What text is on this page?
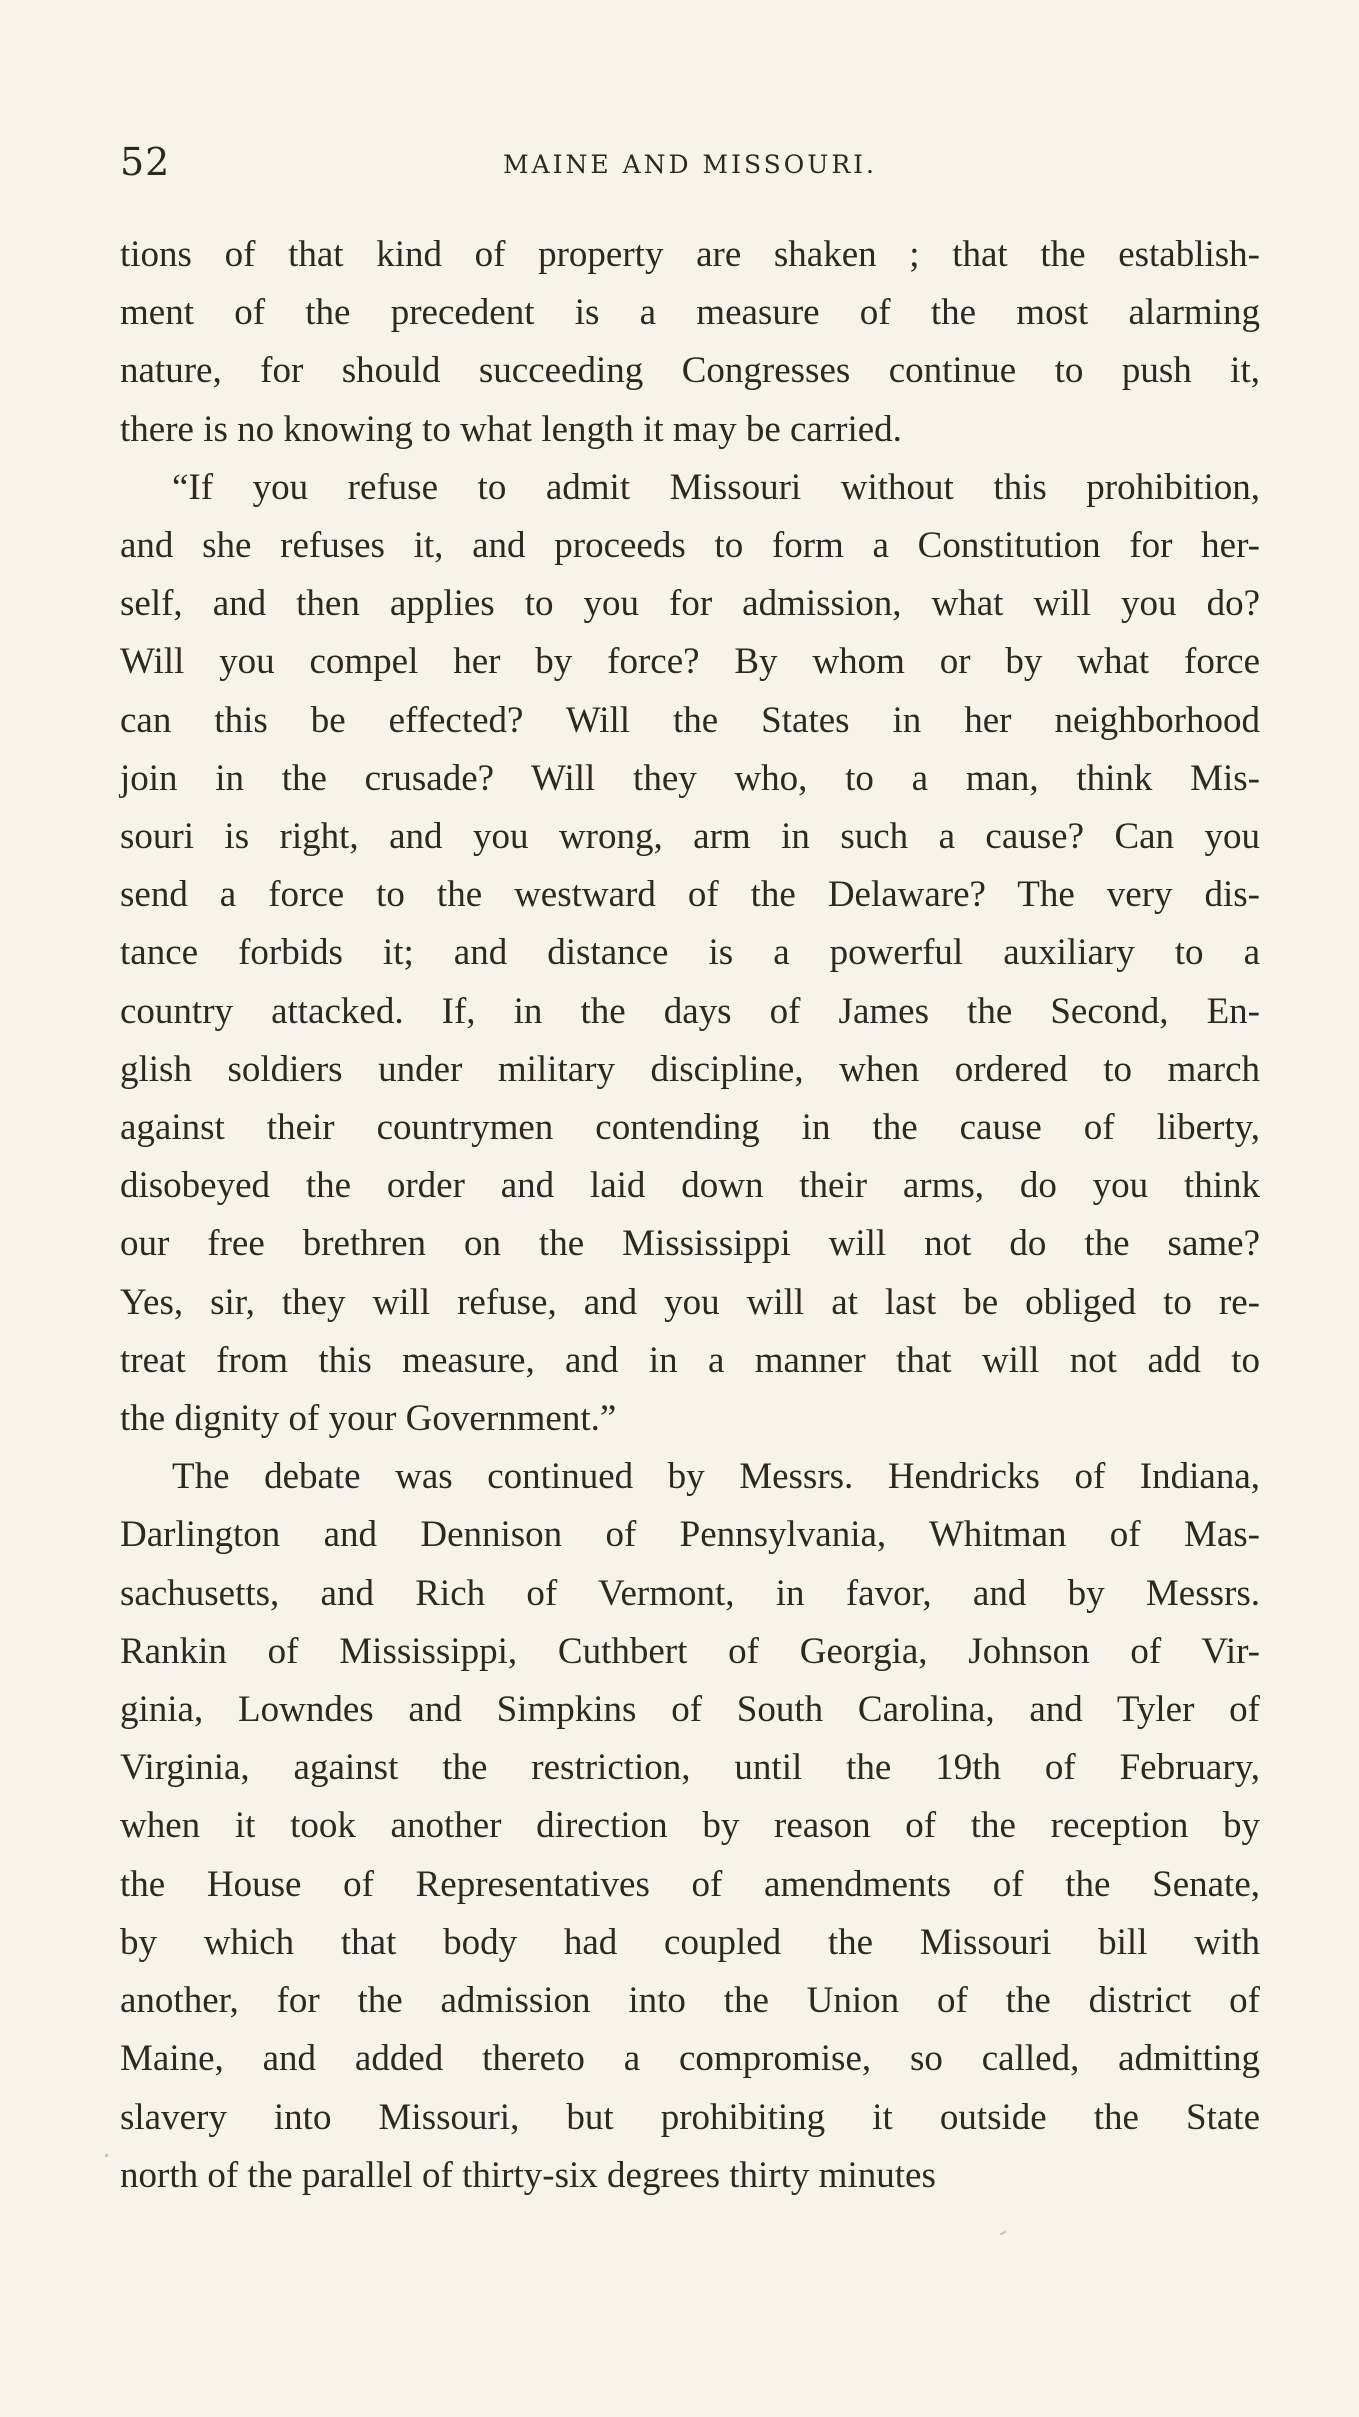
52	MAINE AND MISSOURI.
tions of that kind of property are shaken ; that the establish-
ment of the precedent is a measure of the most alarming
nature, for should succeeding Congresses continue to push it,
there is no knowing to what length it may be carried.
“If you refuse to admit Missouri without this prohibition,
and she refuses it, and proceeds to form a Constitution for her-
self, and then applies to you for admission, what will you do?
Will you compel her by force? By whom or by what force
can this be effected? Will the States in her neighborhood
join in the crusade? Will they who, to a man, think Mis-
souri is right, and you wrong, arm in such a cause? Can you
send a force to the westward of the Delaware? The very dis-
tance forbids it; and distance is a powerful auxiliary to a
country attacked. If, in the days of James the Second, En-
glish soldiers under military discipline, when ordered to march
against their countrymen contending in the cause of liberty,
disobeyed the order and laid down their arms, do you think
our free brethren on the Mississippi will not do the same?
Yes, sir, they will refuse, and you will at last be obliged to re-
treat from this measure, and in a manner that will not add to
the dignity of your Government.”
The debate was continued by Messrs. Hendricks of Indiana,
Darlington and Dennison of Pennsylvania, Whitman of Mas-
sachusetts, and Rich of Vermont, in favor, and by Messrs.
Rankin of Mississippi, Cuthbert of Georgia, Johnson of Vir-
ginia, Lowndes and Simpkins of South Carolina, and Tyler of
Virginia, against the restriction, until the 19th of February,
when it took another direction by reason of the reception by
the House of Representatives of amendments of the Senate,
by which that body had coupled the Missouri bill with
another, for the admission into the Union of the district of
Maine, and added thereto a compromise, so called, admitting
slavery into Missouri, but prohibiting it outside the State
north of the parallel of thirty-six degrees thirty minutes
